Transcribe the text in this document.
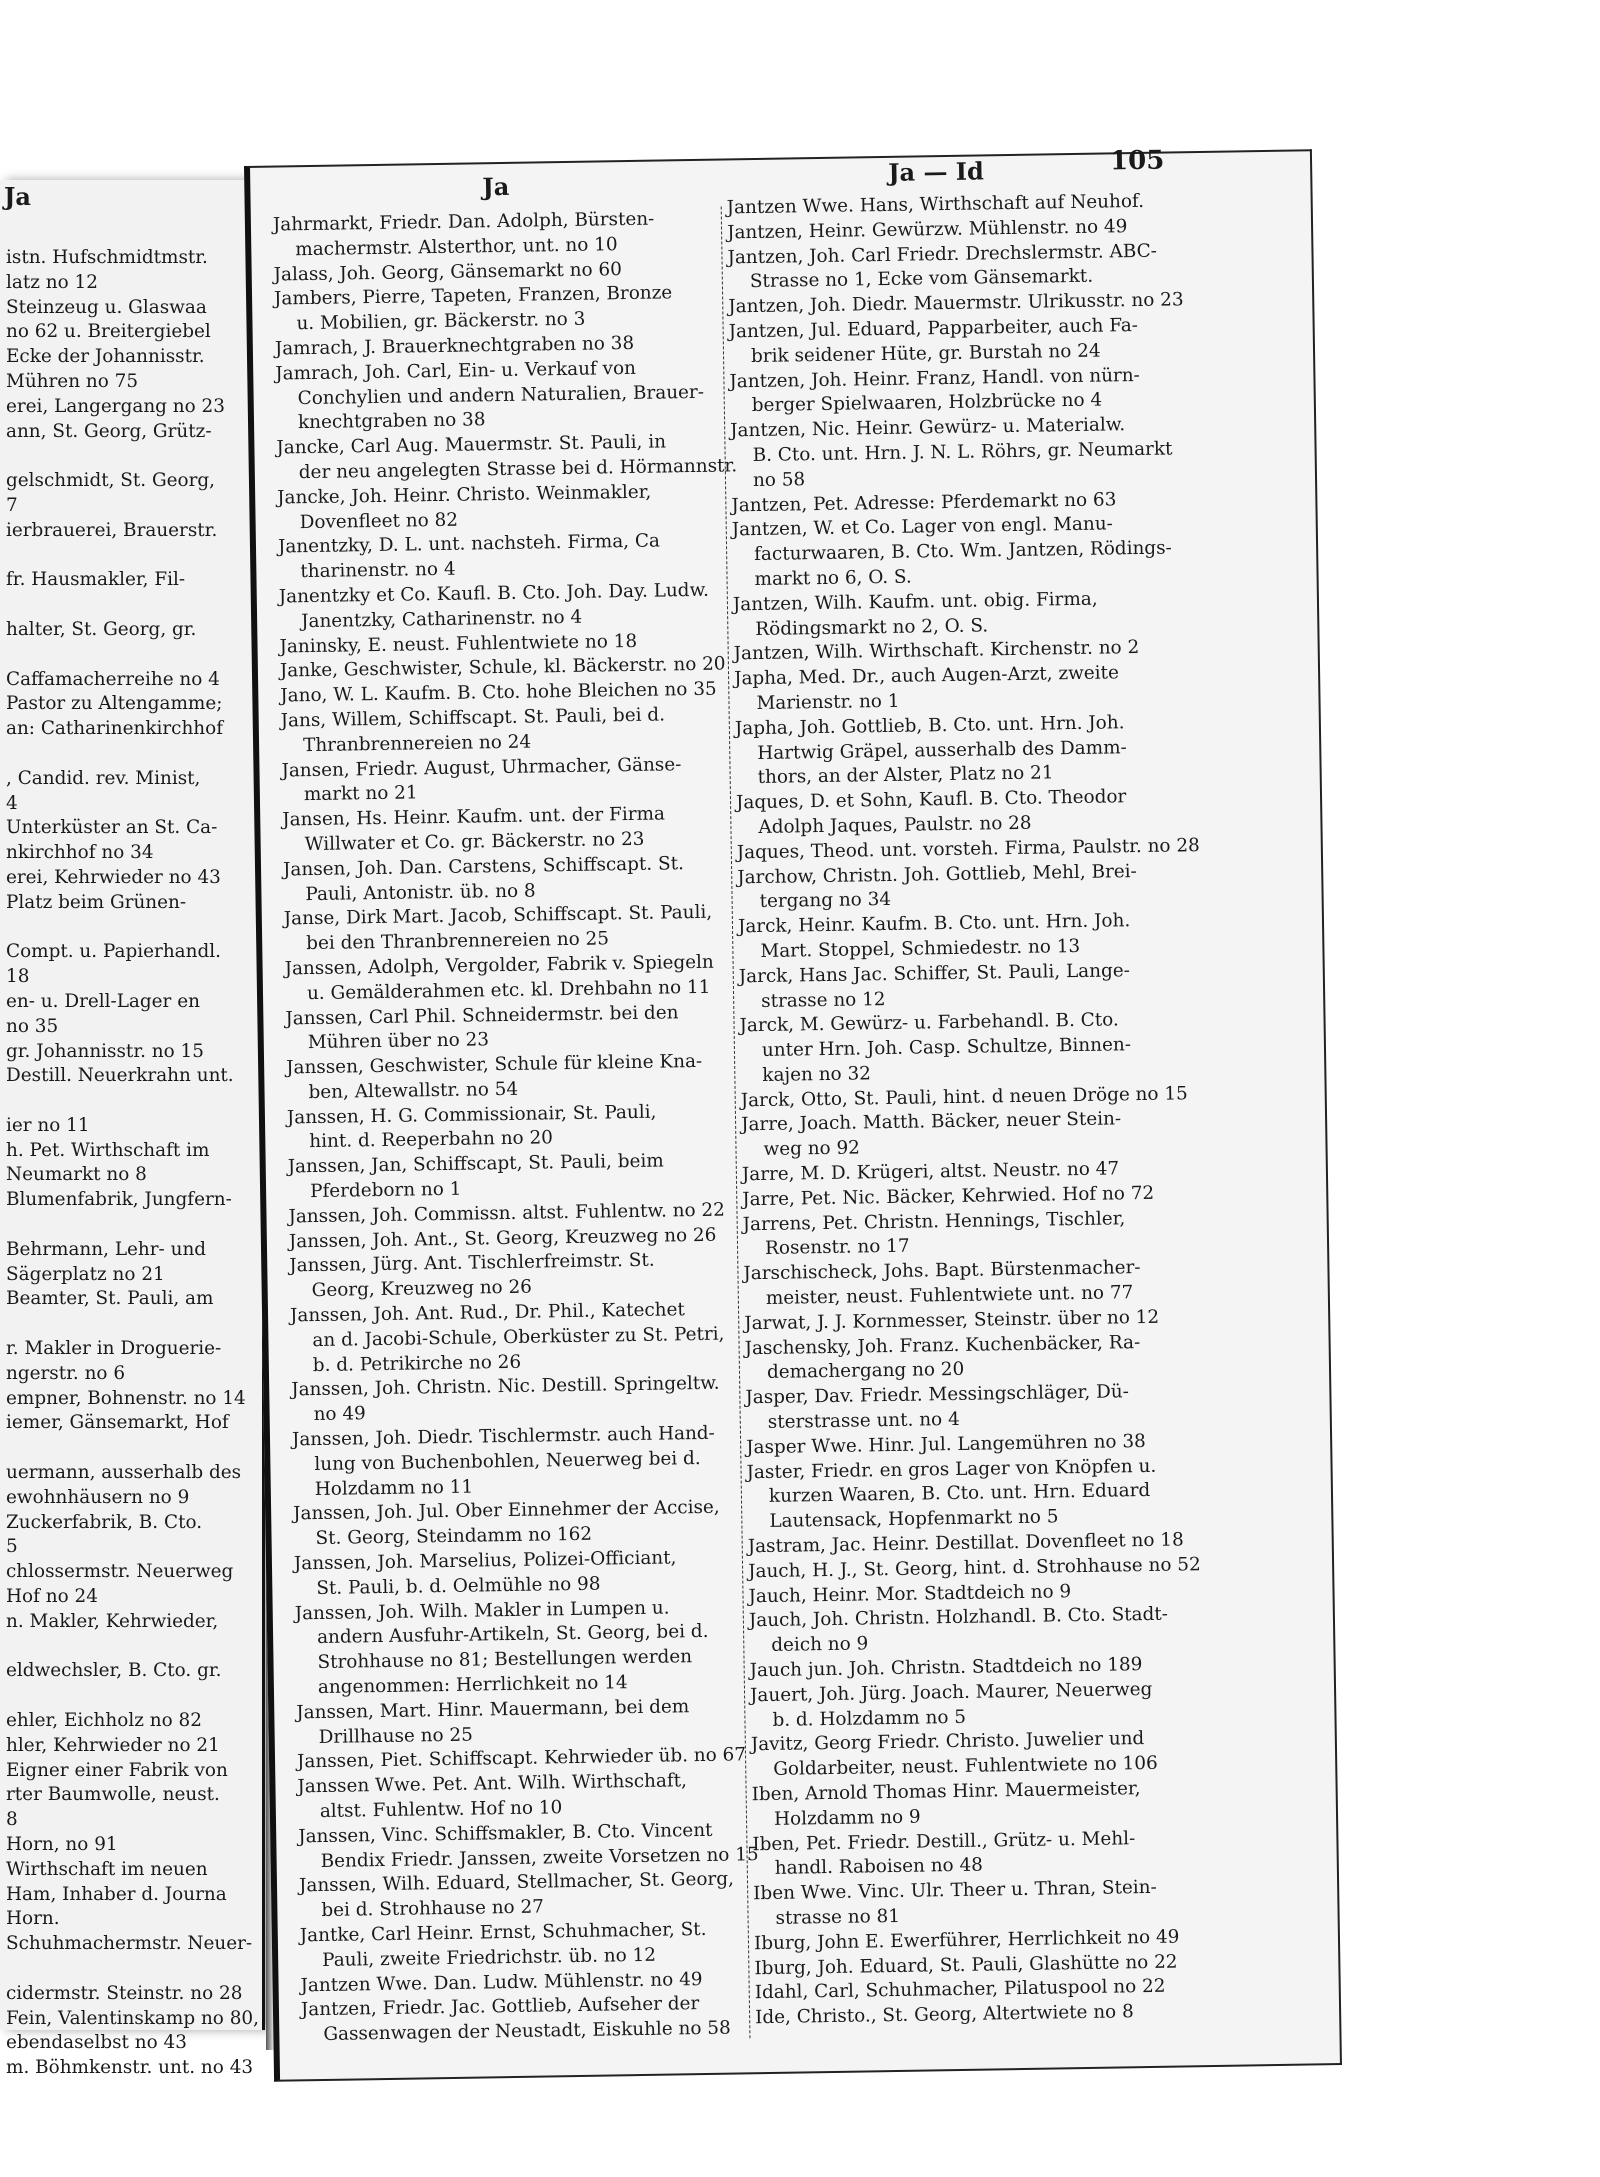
Ja
istn. Hufschmidtmstr.
latz no 12
Steinzeug u. Glaswaa
no 62 u. Breitergiebel
Ecke der Johannisstr.
Mühren no 75
erei, Langergang no 23
ann, St. Georg, Grütz-

gelschmidt, St. Georg,
7
ierbrauerei, Brauerstr.

fr. Hausmakler, Fil-

halter, St. Georg, gr.

Caffamacherreihe no 4
Pastor zu Altengamme;
an: Catharinenkirchhof

, Candid. rev. Minist,
4
Unterküster an St. Ca-
nkirchhof no 34
erei, Kehrwieder no 43
Platz beim Grünen-

Compt. u. Papierhandl.
18
en- u. Drell-Lager en
no 35
gr. Johannisstr. no 15
Destill. Neuerkrahn unt.

ier no 11
h. Pet. Wirthschaft im
Neumarkt no 8
Blumenfabrik, Jungfern-

Behrmann, Lehr- und
Sägerplatz no 21
Beamter, St. Pauli, am

r. Makler in Droguerie-
ngerstr. no 6
empner, Bohnenstr. no 14
iemer, Gänsemarkt, Hof

uermann, ausserhalb des
ewohnhäusern no 9
Zuckerfabrik, B. Cto.
5
chlossermstr. Neuerweg
Hof no 24
n. Makler, Kehrwieder,

eldwechsler, B. Cto. gr.

ehler, Eichholz no 82
hler, Kehrwieder no 21
Eigner einer Fabrik von
rter Baumwolle, neust.
8
Horn, no 91
Wirthschaft im neuen
Ham, Inhaber d. Journa
Horn.
Schuhmachermstr. Neuer-

cidermstr. Steinstr. no 28
Fein, Valentinskamp no 80,
ebendaselbst no 43
m. Böhmkenstr. unt. no 43
Ja	Ja — Id	105
Jahrmarkt, Friedr. Dan. Adolph, Bürsten-
machermstr. Alsterthor, unt. no 10
Jalass, Joh. Georg, Gänsemarkt no 60
Jambers, Pierre, Tapeten, Franzen, Bronze
u. Mobilien, gr. Bäckerstr. no 3
Jamrach, J. Brauerknechtgraben no 38
Jamrach, Joh. Carl, Ein- u. Verkauf von
Conchylien und andern Naturalien, Brauer-
knechtgraben no 38
Jancke, Carl Aug. Mauermstr. St. Pauli, in
der neu angelegten Strasse bei d. Hörmannstr.
Jancke, Joh. Heinr. Christo. Weinmakler,
Dovenfleet no 82
Janentzky, D. L. unt. nachsteh. Firma, Ca
tharinenstr. no 4
Janentzky et Co. Kaufl. B. Cto. Joh. Day. Ludw.
Janentzky, Catharinenstr. no 4
Janinsky, E. neust. Fuhlentwiete no 18
Janke, Geschwister, Schule, kl. Bäckerstr. no 20
Jano, W. L. Kaufm. B. Cto. hohe Bleichen no 35
Jans, Willem, Schiffscapt. St. Pauli, bei d.
Thranbrennereien no 24
Jansen, Friedr. August, Uhrmacher, Gänse-
markt no 21
Jansen, Hs. Heinr. Kaufm. unt. der Firma
Willwater et Co. gr. Bäckerstr. no 23
Jansen, Joh. Dan. Carstens, Schiffscapt. St.
Pauli, Antonistr. üb. no 8
Janse, Dirk Mart. Jacob, Schiffscapt. St. Pauli,
bei den Thranbrennereien no 25
Janssen, Adolph, Vergolder, Fabrik v. Spiegeln
u. Gemälderahmen etc. kl. Drehbahn no 11
Janssen, Carl Phil. Schneidermstr. bei den
Mühren über no 23
Janssen, Geschwister, Schule für kleine Kna-
ben, Altewallstr. no 54
Janssen, H. G. Commissionair, St. Pauli,
hint. d. Reeperbahn no 20
Janssen, Jan, Schiffscapt, St. Pauli, beim
Pferdeborn no 1
Janssen, Joh. Commissn. altst. Fuhlentw. no 22
Janssen, Joh. Ant., St. Georg, Kreuzweg no 26
Janssen, Jürg. Ant. Tischlerfreimstr. St.
Georg, Kreuzweg no 26
Janssen, Joh. Ant. Rud., Dr. Phil., Katechet
an d. Jacobi-Schule, Oberküster zu St. Petri,
b. d. Petrikirche no 26
Janssen, Joh. Christn. Nic. Destill. Springeltw.
no 49
Janssen, Joh. Diedr. Tischlermstr. auch Hand-
lung von Buchenbohlen, Neuerweg bei d.
Holzdamm no 11
Janssen, Joh. Jul. Ober Einnehmer der Accise,
St. Georg, Steindamm no 162
Janssen, Joh. Marselius, Polizei-Officiant,
St. Pauli, b. d. Oelmühle no 98
Janssen, Joh. Wilh. Makler in Lumpen u.
andern Ausfuhr-Artikeln, St. Georg, bei d.
Strohhause no 81; Bestellungen werden
angenommen: Herrlichkeit no 14
Janssen, Mart. Hinr. Mauermann, bei dem
Drillhause no 25
Janssen, Piet. Schiffscapt. Kehrwieder üb. no 67
Janssen Wwe. Pet. Ant. Wilh. Wirthschaft,
altst. Fuhlentw. Hof no 10
Janssen, Vinc. Schiffsmakler, B. Cto. Vincent
Bendix Friedr. Janssen, zweite Vorsetzen no 15
Janssen, Wilh. Eduard, Stellmacher, St. Georg,
bei d. Strohhause no 27
Jantke, Carl Heinr. Ernst, Schuhmacher, St.
Pauli, zweite Friedrichstr. üb. no 12
Jantzen Wwe. Dan. Ludw. Mühlenstr. no 49
Jantzen, Friedr. Jac. Gottlieb, Aufseher der
Gassenwagen der Neustadt, Eiskuhle no 58
Jantzen Wwe. Hans, Wirthschaft auf Neuhof.
Jantzen, Heinr. Gewürzw. Mühlenstr. no 49
Jantzen, Joh. Carl Friedr. Drechslermstr. ABC-
Strasse no 1, Ecke vom Gänsemarkt.
Jantzen, Joh. Diedr. Mauermstr. Ulrikusstr. no 23
Jantzen, Jul. Eduard, Papparbeiter, auch Fa-
brik seidener Hüte, gr. Burstah no 24
Jantzen, Joh. Heinr. Franz, Handl. von nürn-
berger Spielwaaren, Holzbrücke no 4
Jantzen, Nic. Heinr. Gewürz- u. Materialw.
B. Cto. unt. Hrn. J. N. L. Röhrs, gr. Neumarkt
no 58
Jantzen, Pet. Adresse: Pferdemarkt no 63
Jantzen, W. et Co. Lager von engl. Manu-
facturwaaren, B. Cto. Wm. Jantzen, Rödings-
markt no 6, O. S.
Jantzen, Wilh. Kaufm. unt. obig. Firma,
Rödingsmarkt no 2, O. S.
Jantzen, Wilh. Wirthschaft. Kirchenstr. no 2
Japha, Med. Dr., auch Augen-Arzt, zweite
Marienstr. no 1
Japha, Joh. Gottlieb, B. Cto. unt. Hrn. Joh.
Hartwig Gräpel, ausserhalb des Damm-
thors, an der Alster, Platz no 21
Jaques, D. et Sohn, Kaufl. B. Cto. Theodor
Adolph Jaques, Paulstr. no 28
Jaques, Theod. unt. vorsteh. Firma, Paulstr. no 28
Jarchow, Christn. Joh. Gottlieb, Mehl, Brei-
tergang no 34
Jarck, Heinr. Kaufm. B. Cto. unt. Hrn. Joh.
Mart. Stoppel, Schmiedestr. no 13
Jarck, Hans Jac. Schiffer, St. Pauli, Lange-
strasse no 12
Jarck, M. Gewürz- u. Farbehandl. B. Cto.
unter Hrn. Joh. Casp. Schultze, Binnen-
kajen no 32
Jarck, Otto, St. Pauli, hint. d neuen Dröge no 15
Jarre, Joach. Matth. Bäcker, neuer Stein-
weg no 92
Jarre, M. D. Krügeri, altst. Neustr. no 47
Jarre, Pet. Nic. Bäcker, Kehrwied. Hof no 72
Jarrens, Pet. Christn. Hennings, Tischler,
Rosenstr. no 17
Jarschischeck, Johs. Bapt. Bürstenmacher-
meister, neust. Fuhlentwiete unt. no 77
Jarwat, J. J. Kornmesser, Steinstr. über no 12
Jaschensky, Joh. Franz. Kuchenbäcker, Ra-
demachergang no 20
Jasper, Dav. Friedr. Messingschläger, Dü-
sterstrasse unt. no 4
Jasper Wwe. Hinr. Jul. Langemühren no 38
Jaster, Friedr. en gros Lager von Knöpfen u.
kurzen Waaren, B. Cto. unt. Hrn. Eduard
Lautensack, Hopfenmarkt no 5
Jastram, Jac. Heinr. Destillat. Dovenfleet no 18
Jauch, H. J., St. Georg, hint. d. Strohhause no 52
Jauch, Heinr. Mor. Stadtdeich no 9
Jauch, Joh. Christn. Holzhandl. B. Cto. Stadt-
deich no 9
Jauch jun. Joh. Christn. Stadtdeich no 189
Jauert, Joh. Jürg. Joach. Maurer, Neuerweg
b. d. Holzdamm no 5
Javitz, Georg Friedr. Christo. Juwelier und
Goldarbeiter, neust. Fuhlentwiete no 106
Iben, Arnold Thomas Hinr. Mauermeister,
Holzdamm no 9
Iben, Pet. Friedr. Destill., Grütz- u. Mehl-
handl. Raboisen no 48
Iben Wwe. Vinc. Ulr. Theer u. Thran, Stein-
strasse no 81
Iburg, John E. Ewerführer, Herrlichkeit no 49
Iburg, Joh. Eduard, St. Pauli, Glashütte no 22
Idahl, Carl, Schuhmacher, Pilatuspool no 22
Ide, Christo., St. Georg, Altertwiete no 8
